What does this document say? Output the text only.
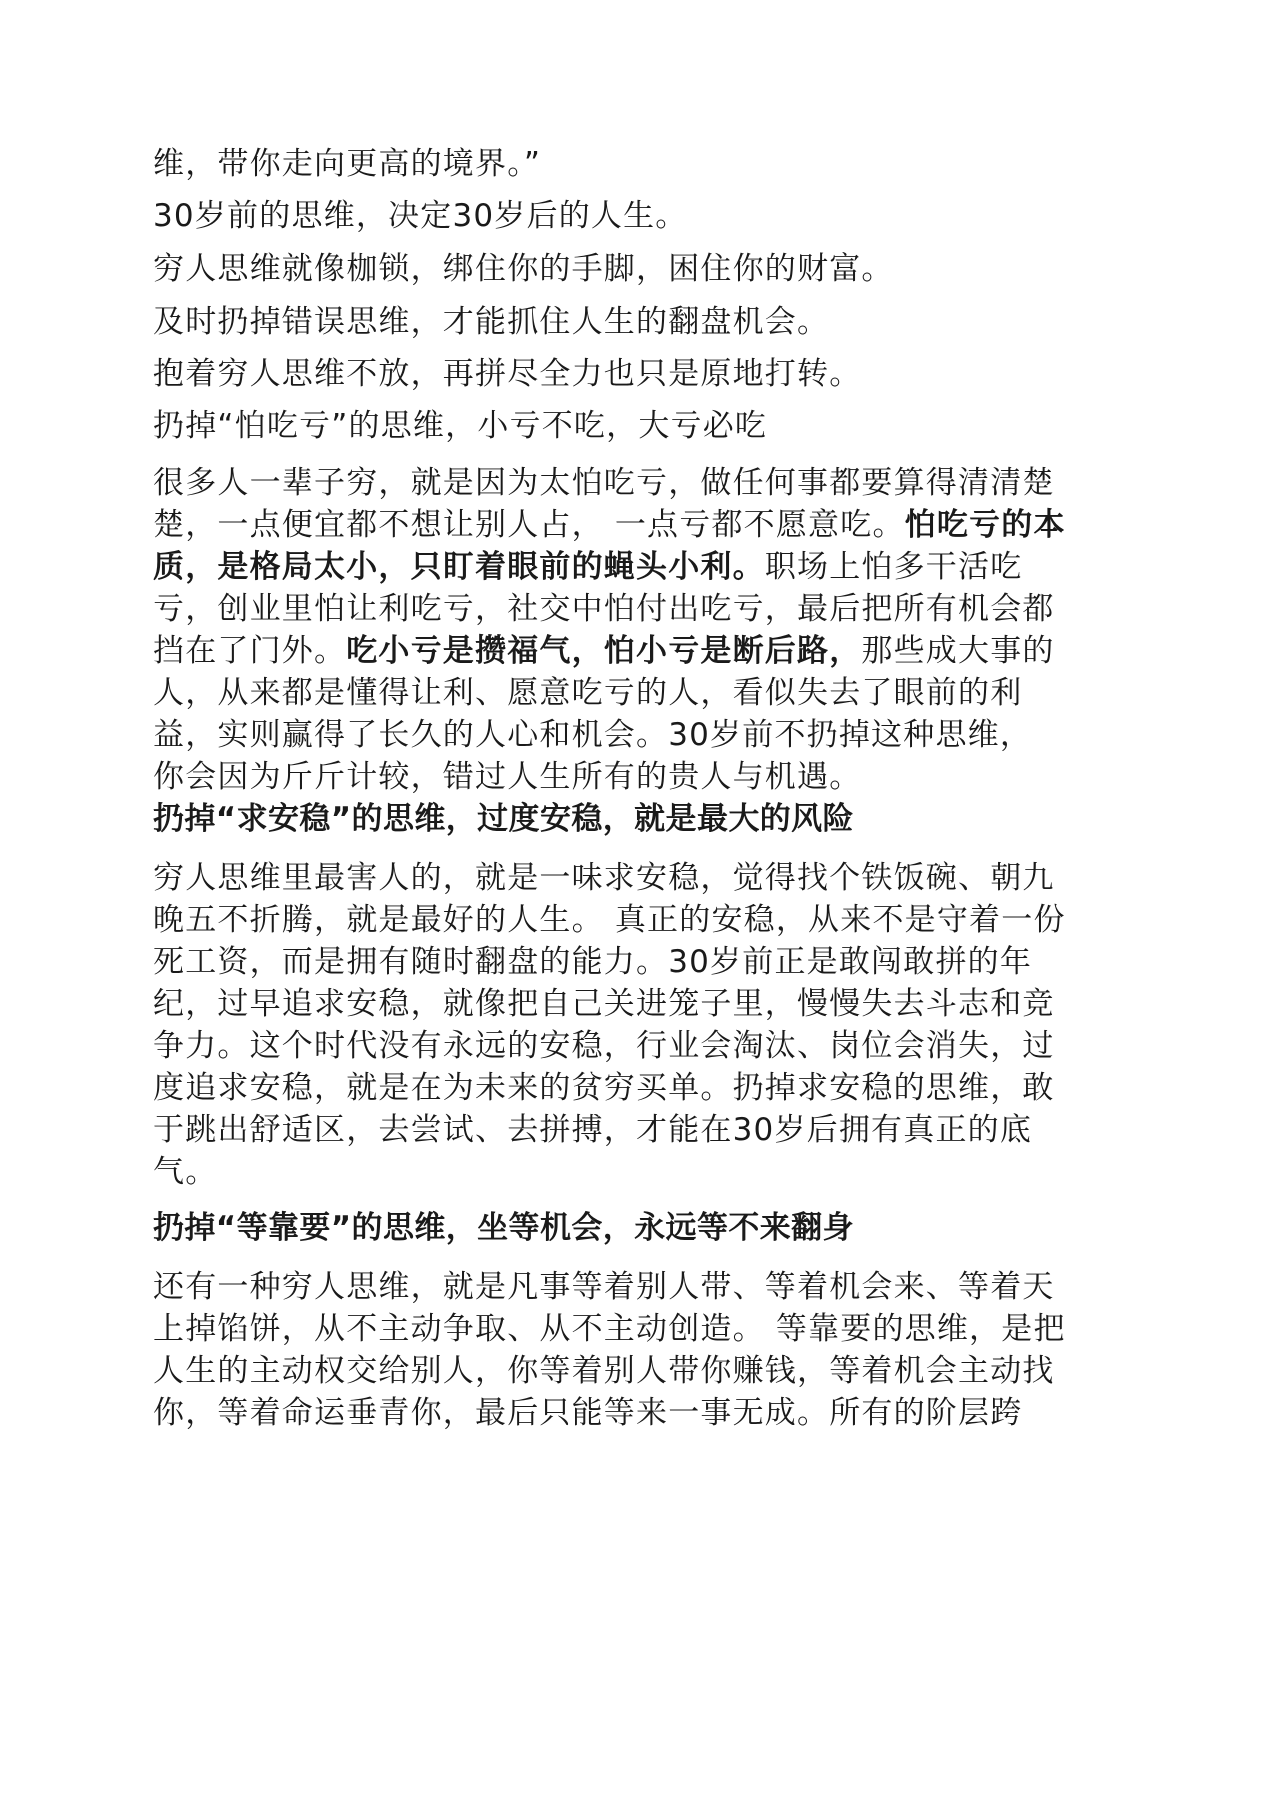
维，带你走向更高的境界。”

30岁前的思维，决定30岁后的人生。

穷人思维就像枷锁，绑住你的手脚，困住你的财富。

及时扔掉错误思维，才能抓住人生的翻盘机会。

抱着穷人思维不放，再拼尽全力也只是原地打转。

扔掉“怕吃亏”的思维，小亏不吃，大亏必吃

很多人一辈子穷，就是因为太怕吃亏，做任何事都要算得清清楚

楚，一点便宜都不想让别人占， 一点亏都不愿意吃。怕吃亏的本

质，是格局太小，只盯着眼前的蝇头小利。职场上怕多干活吃

亏，创业里怕让利吃亏，社交中怕付出吃亏，最后把所有机会都

挡在了门外。吃小亏是攒福气，怕小亏是断后路，那些成大事的

人，从来都是懂得让利、愿意吃亏的人，看似失去了眼前的利

益，实则赢得了长久的人心和机会。30岁前不扔掉这种思维，

你会因为斤斤计较，错过人生所有的贵人与机遇。

扔掉“求安稳”的思维，过度安稳，就是最大的风险

穷人思维里最害人的，就是一味求安稳，觉得找个铁饭碗、朝九

晚五不折腾，就是最好的人生。 真正的安稳，从来不是守着一份

死工资，而是拥有随时翻盘的能力。30岁前正是敢闯敢拼的年

纪，过早追求安稳，就像把自己关进笼子里，慢慢失去斗志和竞

争力。这个时代没有永远的安稳，行业会淘汰、岗位会消失，过

度追求安稳，就是在为未来的贫穷买单。扔掉求安稳的思维，敢

于跳出舒适区，去尝试、去拼搏，才能在30岁后拥有真正的底

气。

扔掉“等靠要”的思维，坐等机会，永远等不来翻身

还有一种穷人思维，就是凡事等着别人带、等着机会来、等着天

上掉馅饼，从不主动争取、从不主动创造。 等靠要的思维，是把

人生的主动权交给别人，你等着别人带你赚钱，等着机会主动找

你，等着命运垂青你，最后只能等来一事无成。所有的阶层跨
